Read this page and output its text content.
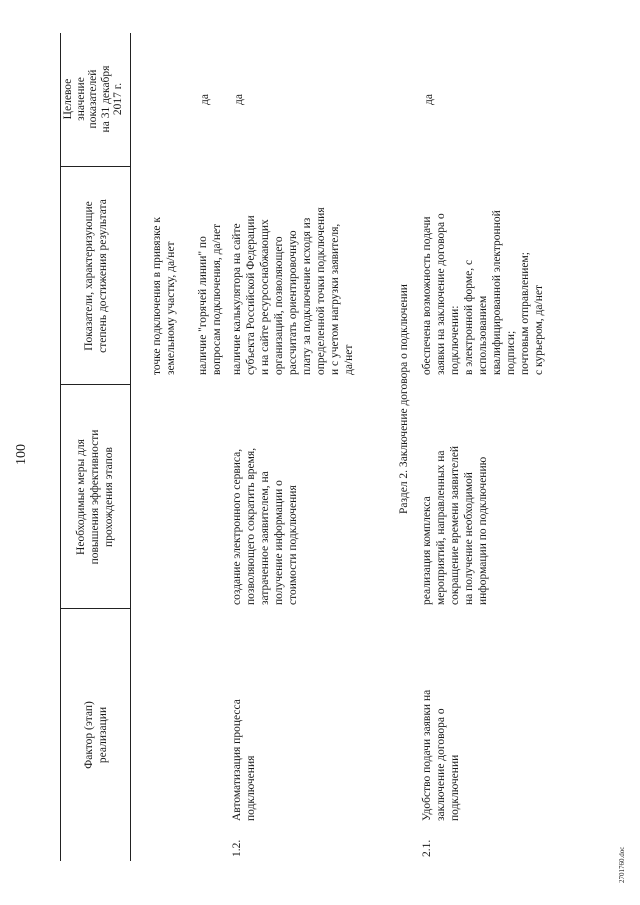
100
Фактор (этап)
реализации
Необходимые меры для
повышения эффективности
прохождения этапов
Показатели, характеризующие
степень достижения результата
Целевое
значение
показателей
на 31 декабря
2017 г.
точке подключения в привязке к
земельному участку, да/нет
наличие "горячей линии" по
вопросам подключения, да/нет
да
1.2.
Автоматизация процесса
подключения
создание электронного сервиса,
позволяющего сократить время,
затраченное заявителем, на
получение информации о
стоимости подключения
наличие калькулятора на сайте
субъекта Российской Федерации
и на сайте ресурсоснабжающих
организаций, позволяющего
рассчитать ориентировочную
плату за подключение исходя из
определенной точки подключения
и с учетом нагрузки заявителя,
да/нет
да
Раздел 2. Заключение договора о подключении
2.1.
Удобство подачи заявки на
заключение договора о
подключении
реализация комплекса
мероприятий, направленных на
сокращение времени заявителей
на получение необходимой
информации по подключению
обеспечена возможность подачи
заявки на заключение договора о
подключении:
в электронной форме, с
использованием
квалифицированной электронной
подписи;
почтовым отправлением;
с курьером, да/нет
да
2701760.doc
